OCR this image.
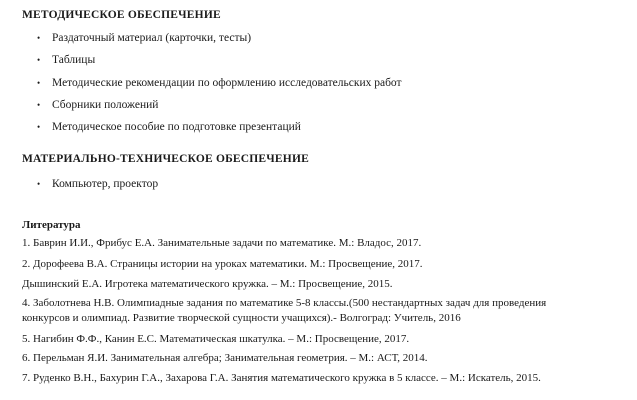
МЕТОДИЧЕСКОЕ ОБЕСПЕЧЕНИЕ
• Раздаточный материал (карточки, тесты)
• Таблицы
• Методические рекомендации по оформлению исследовательских работ
• Сборники положений
• Методическое пособие по подготовке презентаций
МАТЕРИАЛЬНО-ТЕХНИЧЕСКОЕ ОБЕСПЕЧЕНИЕ
• Компьютер, проектор
Литература

1. Баврин И.И., Фрибус Е.А. Занимательные задачи по математике. М.: Владос, 2017.

2. Дорофеева В.А. Страницы истории на уроках математики. М.: Просвещение, 2017.

Дышинский Е.А. Игротека математического кружка. – М.: Просвещение, 2015.

4. Заболотнева Н.В. Олимпиадные задания по математике 5-8 классы.(500 нестандартных задач для проведения

конкурсов и олимпиад. Развитие творческой сущности учащихся).- Волгоград: Учитель, 2016

5. Нагибин Ф.Ф., Канин Е.С. Математическая шкатулка. – М.: Просвещение, 2017.

6. Перельман Я.И. Занимательная алгебра; Занимательная геометрия. – М.: АСТ, 2014.

7. Руденко В.Н., Бахурин Г.А., Захарова Г.А. Занятия математического кружка в 5 классе. – М.: Искатель, 2015.
